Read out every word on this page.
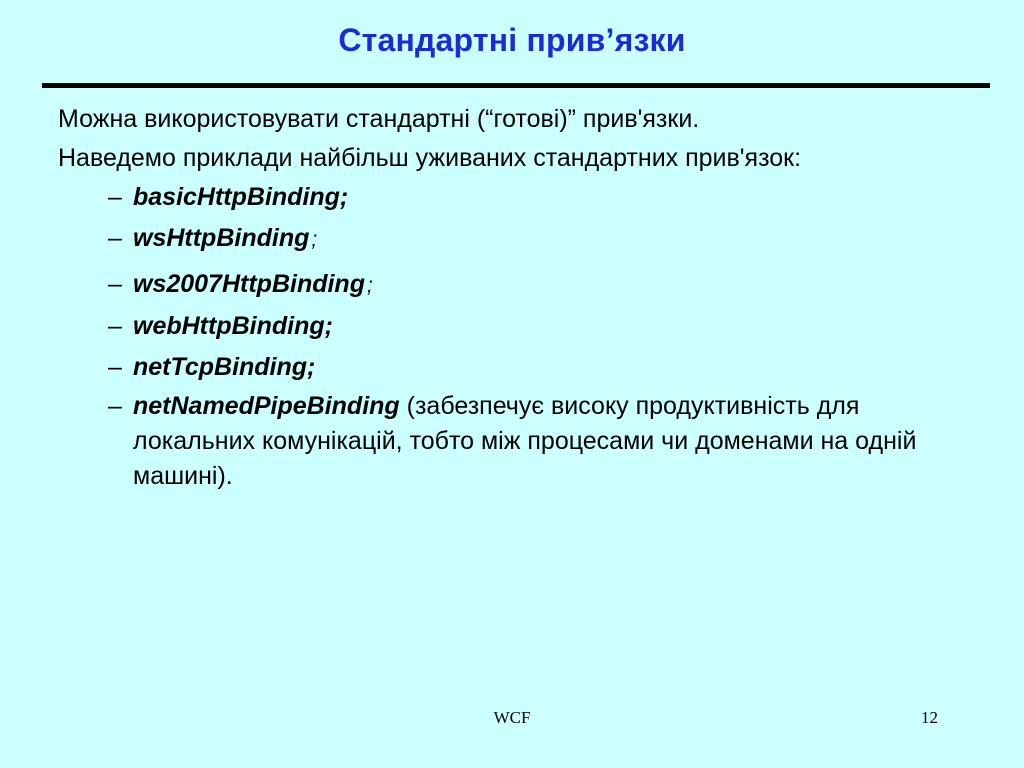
Стандартні прив’язки

Можна використовувати стандартні (“готові)” прив'язки.

Наведемо приклади найбільш уживаних стандартних прив'язок:

– basicHttpBinding;
– wsHttpBinding;
– ws2007HttpBinding;
– webHttpBinding;
– netTcpBinding;
– netNamedPipeBinding (забезпечує високу продуктивність для локальних комунікацій, тобто між процесами чи доменами на одній машині).
WCF	12
